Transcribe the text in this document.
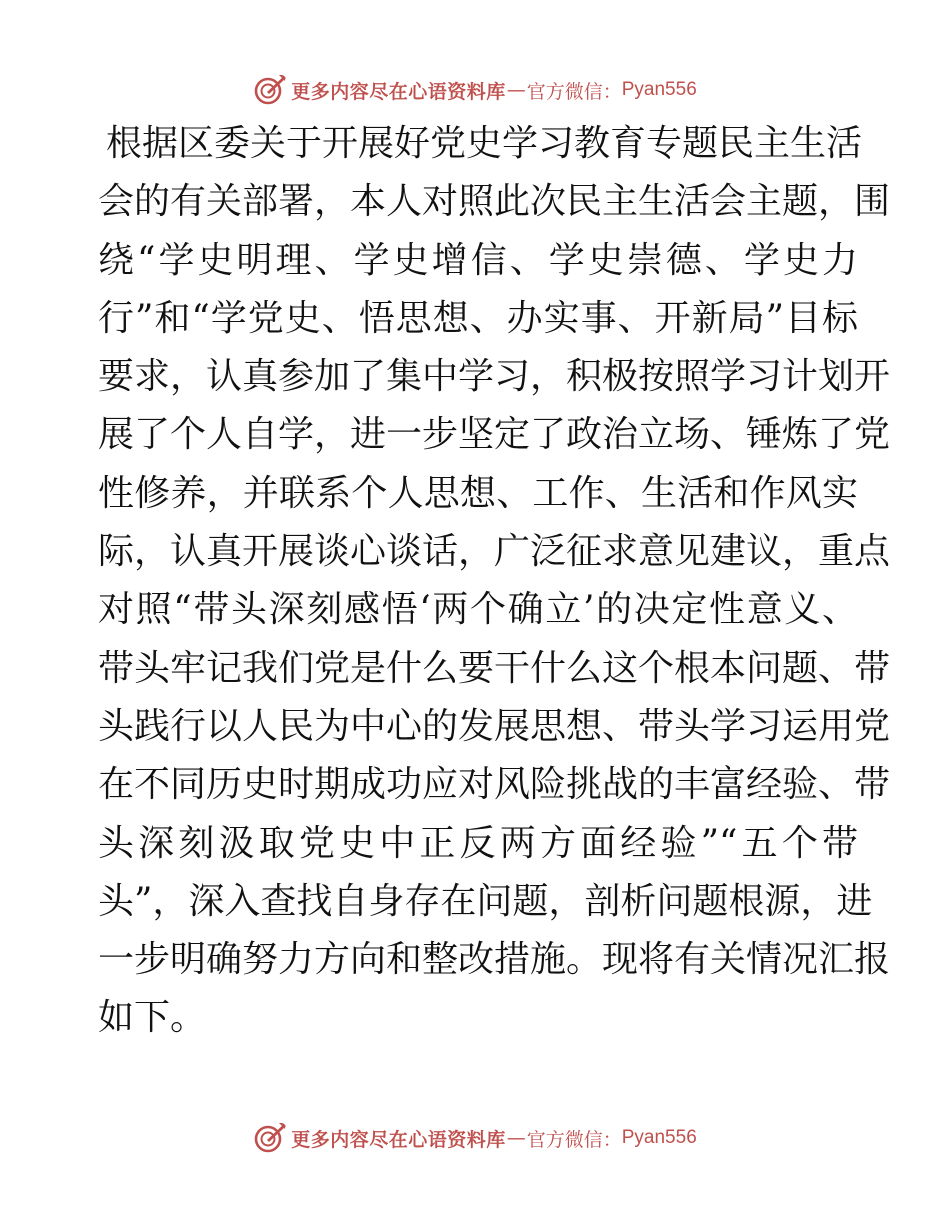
更多内容尽在心语资料库 — 官方微信： Pyan556
根据区委关于开展好党史学习教育专题民主生活
会的有关部署，本人对照此次民主生活会主题，围
绕“学史明理、学史增信、学史崇德、学史力
行”和“学党史、悟思想、办实事、开新局”目标
要求，认真参加了集中学习，积极按照学习计划开
展了个人自学，进一步坚定了政治立场、锤炼了党
性修养，并联系个人思想、工作、生活和作风实
际，认真开展谈心谈话，广泛征求意见建议，重点
对照“带头深刻感悟‘两个确立’的决定性意义、
带头牢记我们党是什么要干什么这个根本问题、带
头践行以人民为中心的发展思想、带头学习运用党
在不同历史时期成功应对风险挑战的丰富经验、带
头深刻汲取党史中正反两方面经验”“五个带
头”，深入查找自身存在问题，剖析问题根源，进
一步明确努力方向和整改措施。现将有关情况汇报
如下。
更多内容尽在心语资料库 — 官方微信： Pyan556
